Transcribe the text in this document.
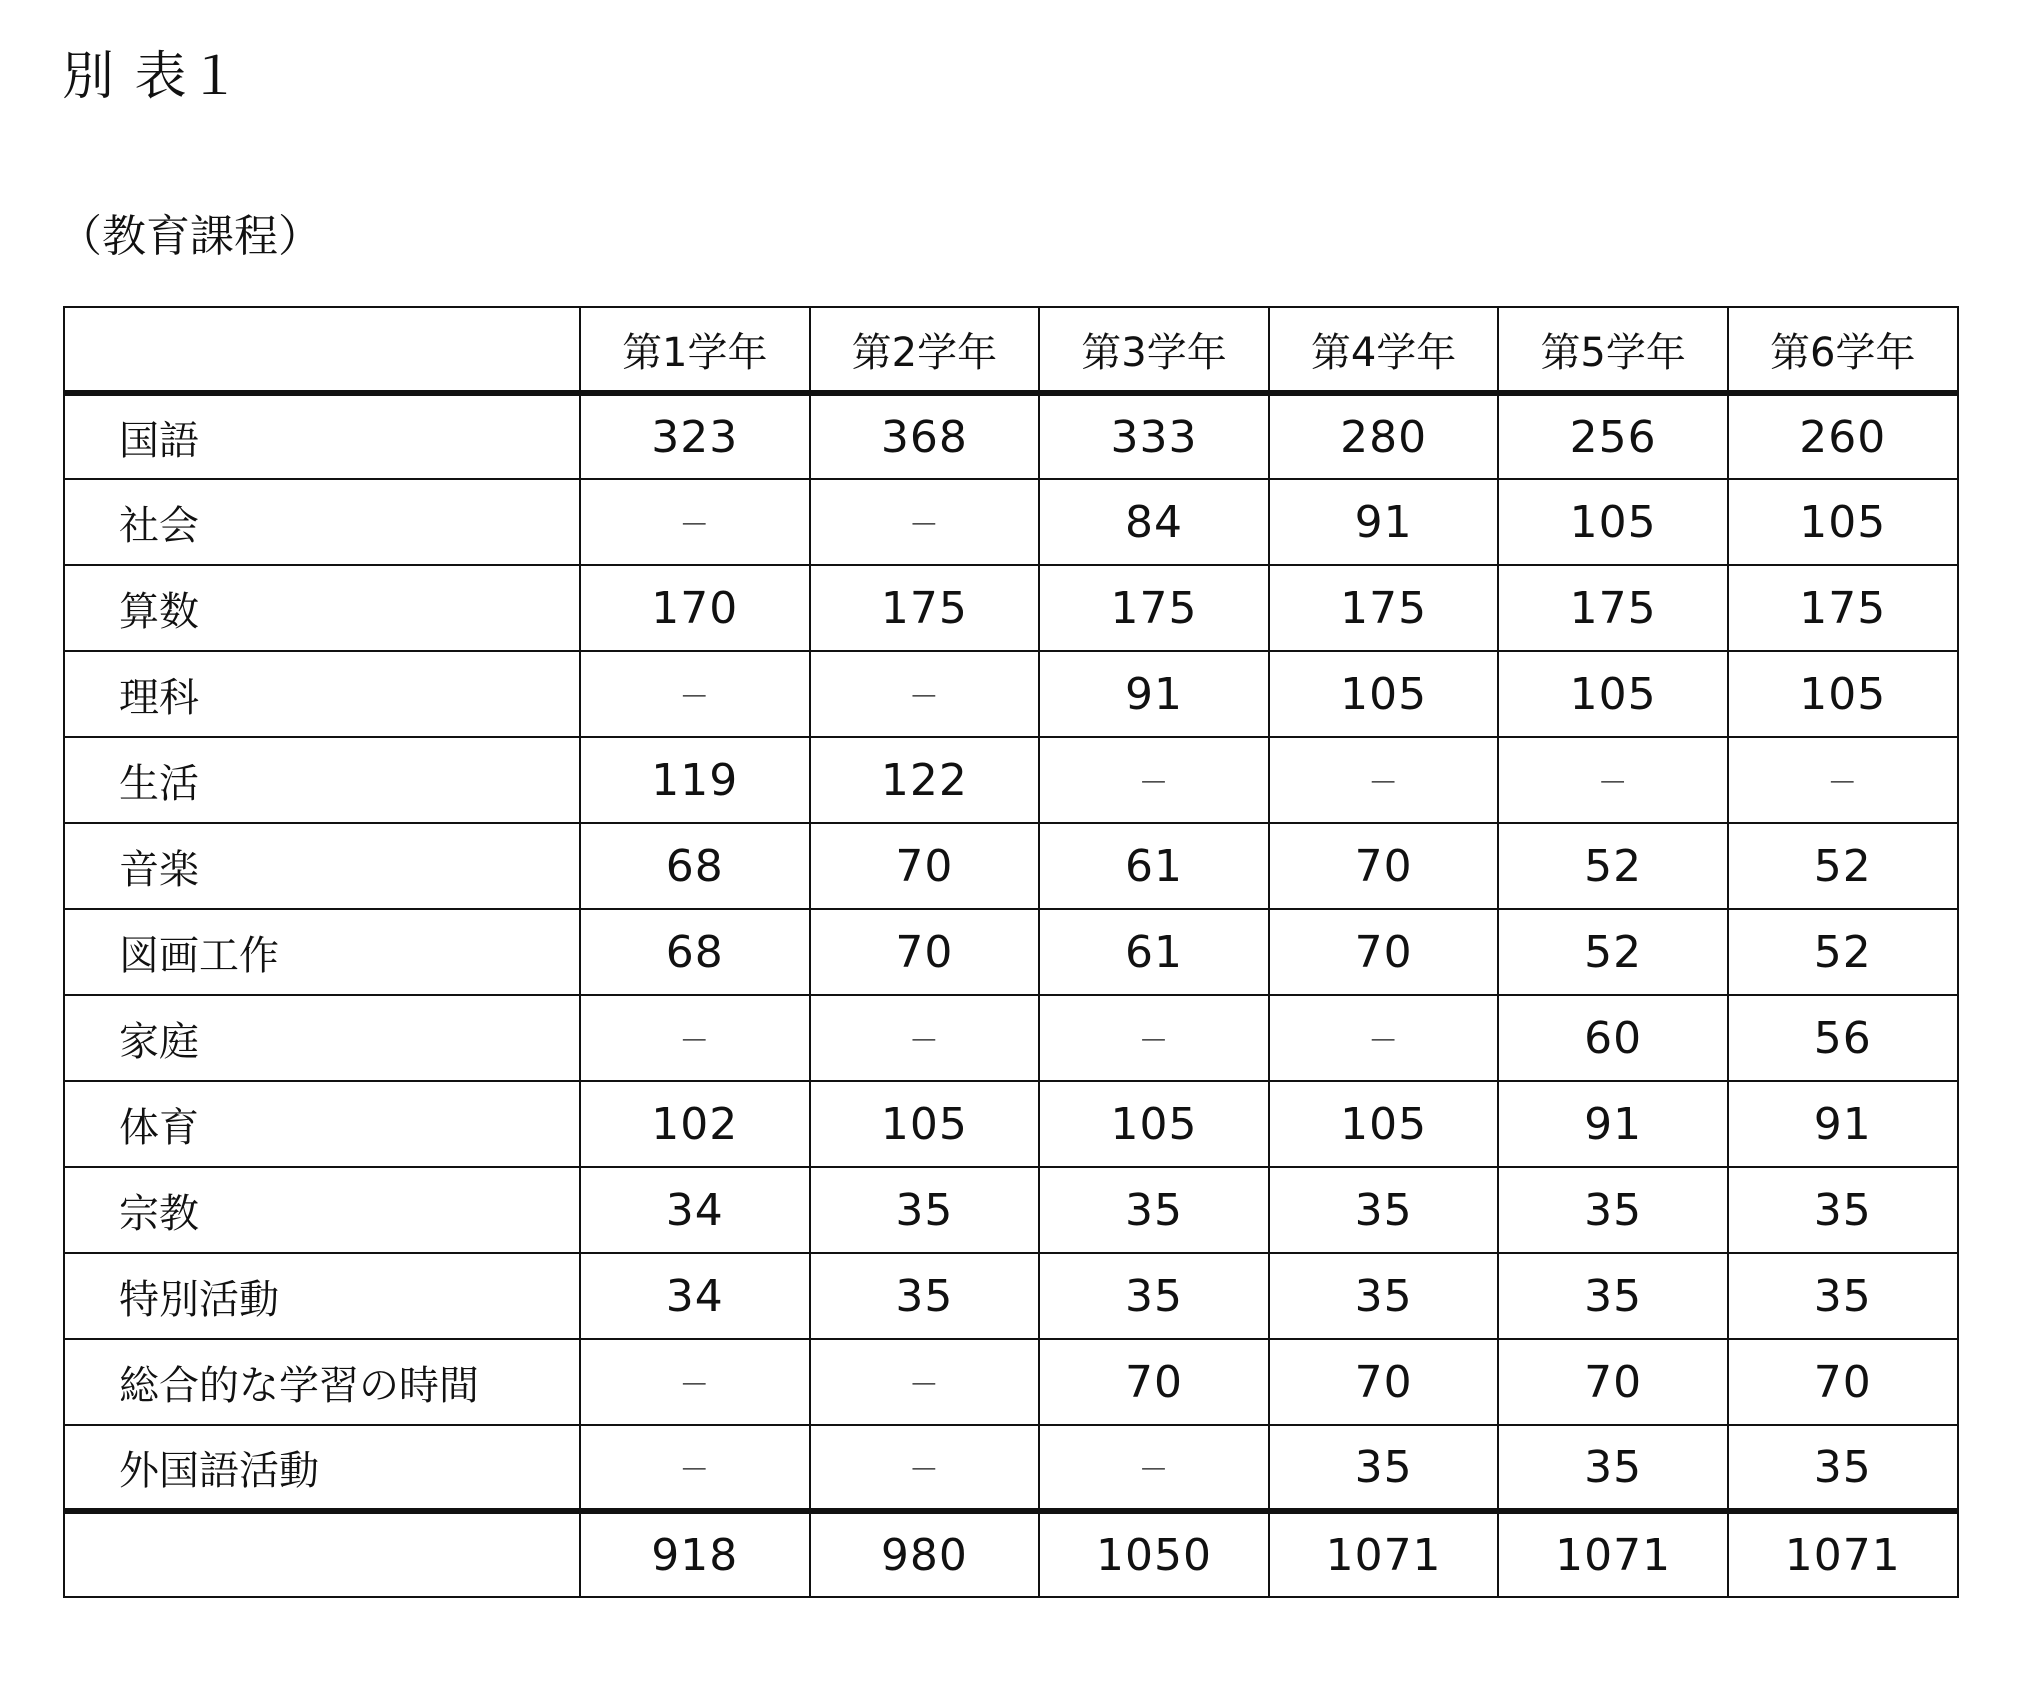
別 表１
（教育課程）
	第1学年	第2学年	第3学年	第4学年	第5学年	第6学年
国語	323	368	333	280	256	260
社会	－	－	84	91	105	105
算数	170	175	175	175	175	175
理科	－	－	91	105	105	105
生活	119	122	－	－	－	－
音楽	68	70	61	70	52	52
図画工作	68	70	61	70	52	52
家庭	－	－	－	－	60	56
体育	102	105	105	105	91	91
宗教	34	35	35	35	35	35
特別活動	34	35	35	35	35	35
総合的な学習の時間	－	－	70	70	70	70
外国語活動	－	－	－	35	35	35
	918	980	1050	1071	1071	1071
